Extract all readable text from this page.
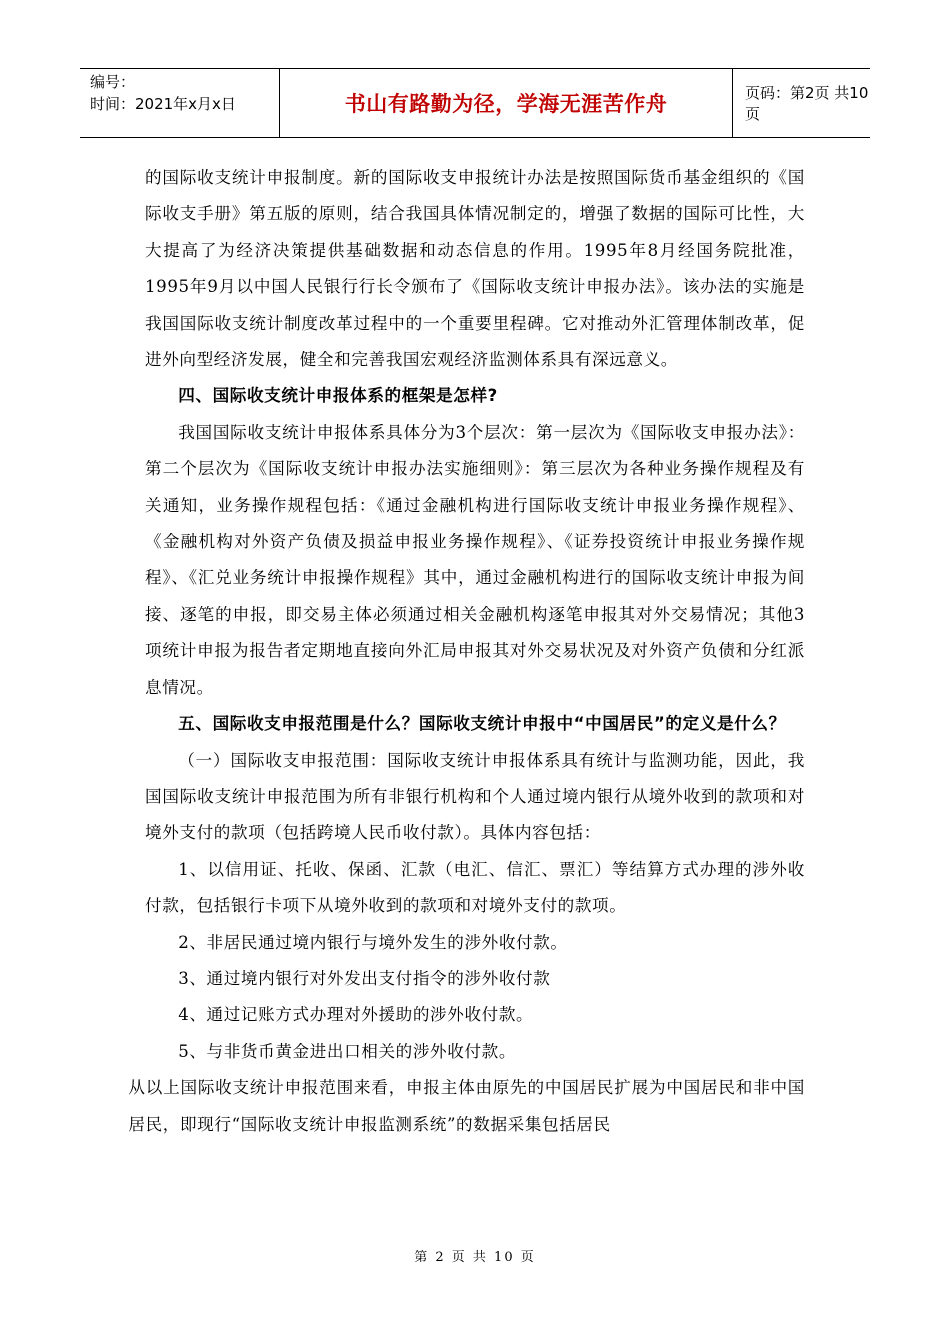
编号：
时间：2021年x月x日	书山有路勤为径，学海无涯苦作舟	页码：第2页 共10页

的国际收支统计申报制度。新的国际收支申报统计办法是按照国际货币基金组织的《国际收支手册》第五版的原则，结合我国具体情况制定的，增强了数据的国际可比性，大大提高了为经济决策提供基础数据和动态信息的作用。1995年8月经国务院批准，1995年9月以中国人民银行行长令颁布了《国际收支统计申报办法》。该办法的实施是我国国际收支统计制度改革过程中的一个重要里程碑。它对推动外汇管理体制改革，促进外向型经济发展，健全和完善我国宏观经济监测体系具有深远意义。

四、国际收支统计申报体系的框架是怎样?

我国国际收支统计申报体系具体分为3个层次：第一层次为《国际收支申报办法》：第二个层次为《国际收支统计申报办法实施细则》：第三层次为各种业务操作规程及有关通知，业务操作规程包括：《通过金融机构进行国际收支统计申报业务操作规程》、《金融机构对外资产负债及损益申报业务操作规程》、《证券投资统计申报业务操作规程》、《汇兑业务统计申报操作规程》其中，通过金融机构进行的国际收支统计申报为间接、逐笔的申报，即交易主体必须通过相关金融机构逐笔申报其对外交易情况；其他3项统计申报为报告者定期地直接向外汇局申报其对外交易状况及对外资产负债和分红派息情况。

五、国际收支申报范围是什么？国际收支统计申报中“中国居民”的定义是什么？

（一）国际收支申报范围：国际收支统计申报体系具有统计与监测功能，因此，我国国际收支统计申报范围为所有非银行机构和个人通过境内银行从境外收到的款项和对境外支付的款项（包括跨境人民币收付款）。具体内容包括：

1、以信用证、托收、保函、汇款（电汇、信汇、票汇）等结算方式办理的涉外收付款，包括银行卡项下从境外收到的款项和对境外支付的款项。

2、非居民通过境内银行与境外发生的涉外收付款。

3、通过境内银行对外发出支付指令的涉外收付款

4、通过记账方式办理对外援助的涉外收付款。

5、与非货币黄金进出口相关的涉外收付款。

从以上国际收支统计申报范围来看，申报主体由原先的中国居民扩展为中国居民和非中国居民，即现行“国际收支统计申报监测系统”的数据采集包括居民

第 2 页 共 10 页
